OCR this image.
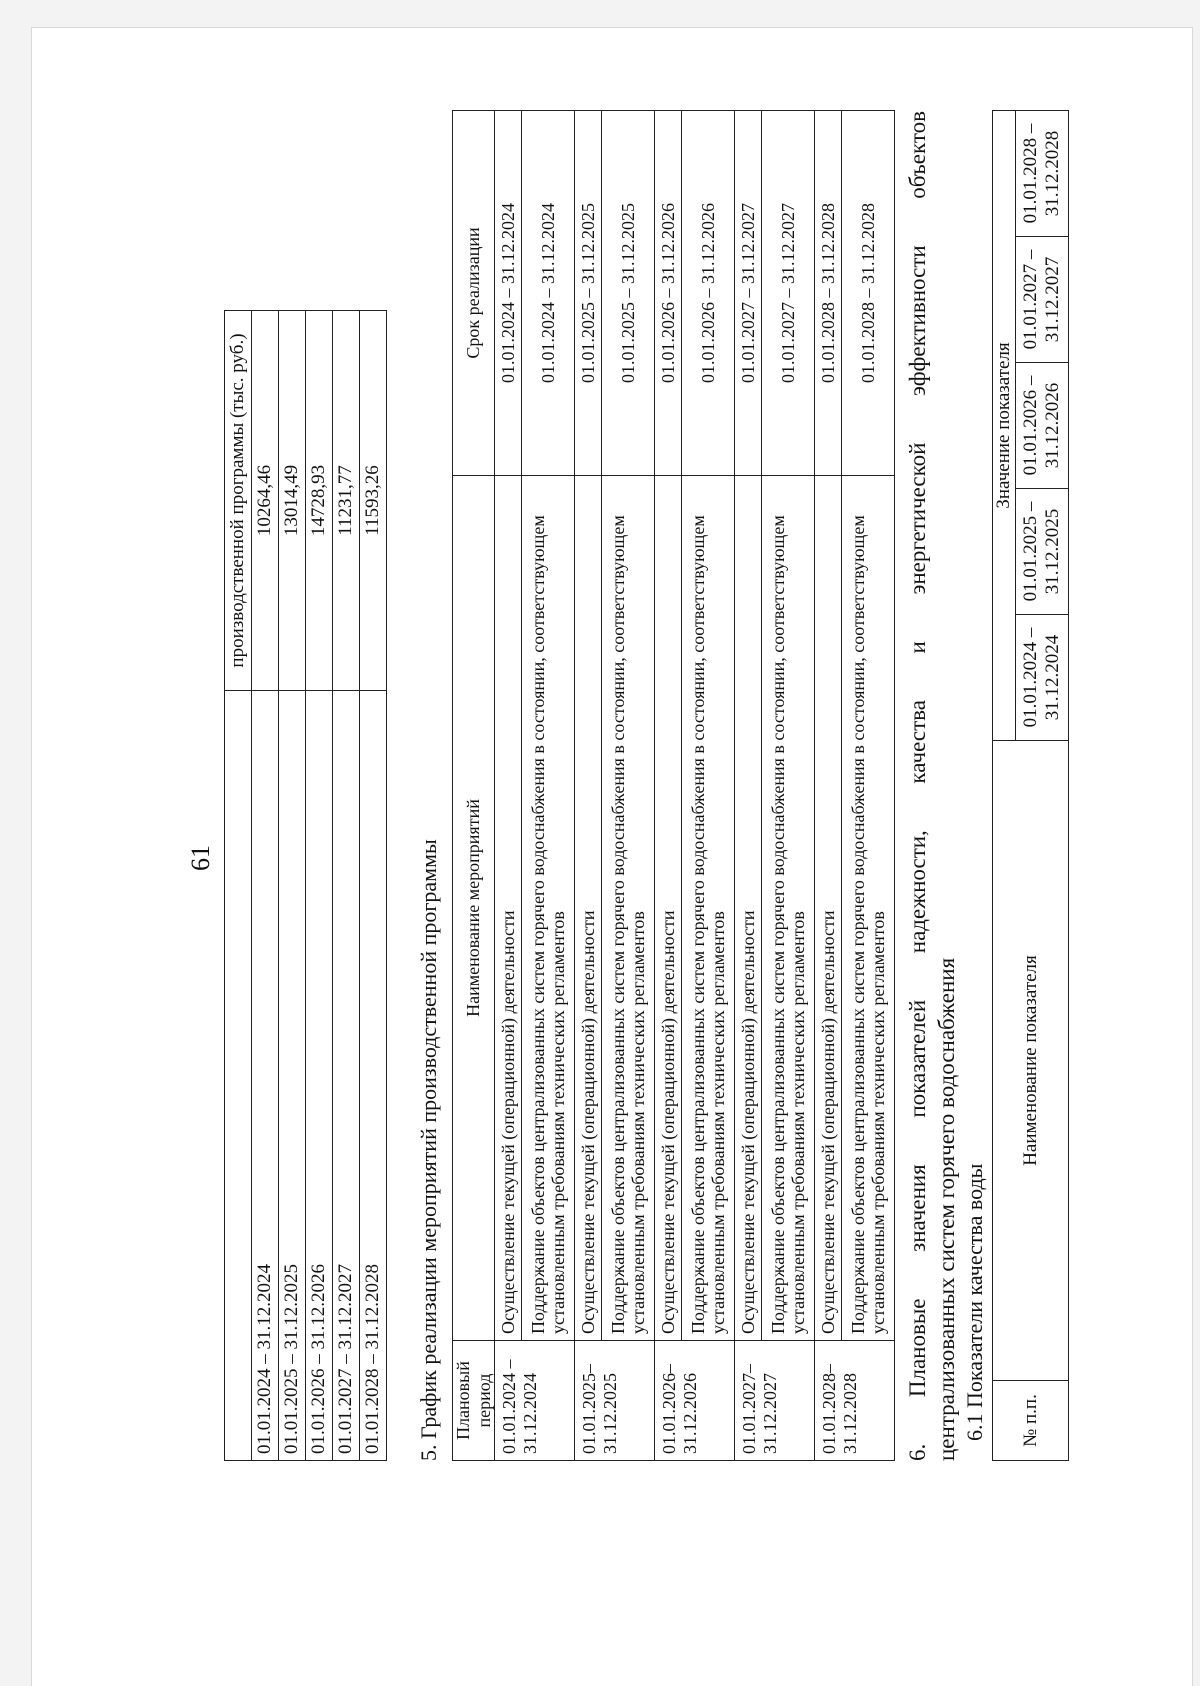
61
	производственной программы (тыс. руб.)
01.01.2024 – 31.12.2024	10264,46
01.01.2025 – 31.12.2025	13014,49
01.01.2026 – 31.12.2026	14728,93
01.01.2027 – 31.12.2027	11231,77
01.01.2028 – 31.12.2028	11593,26
5. График реализации мероприятий производственной программы Плановый период	Наименование мероприятий	Срок реализации
01.01.2024 – 31.12.2024	Осуществление текущей (операционной) деятельности	01.01.2024 – 31.12.2024
	Поддержание объектов централизованных систем горячего водоснабжения в состоянии, соответствующем установленным требованиям технических регламентов	01.01.2024 – 31.12.2024
01.01.2025– 31.12.2025	Осуществление текущей (операционной) деятельности	01.01.2025 – 31.12.2025
	Поддержание объектов централизованных систем горячего водоснабжения в состоянии, соответствующем установленным требованиям технических регламентов	01.01.2025 – 31.12.2025
01.01.2026– 31.12.2026	Осуществление текущей (операционной) деятельности	01.01.2026 – 31.12.2026
	Поддержание объектов централизованных систем горячего водоснабжения в состоянии, соответствующем установленным требованиям технических регламентов	01.01.2026 – 31.12.2026
01.01.2027– 31.12.2027	Осуществление текущей (операционной) деятельности	01.01.2027 – 31.12.2027
	Поддержание объектов централизованных систем горячего водоснабжения в состоянии, соответствующем установленным требованиям технических регламентов	01.01.2027 – 31.12.2027
01.01.2028– 31.12.2028	Осуществление текущей (операционной) деятельности	01.01.2028 – 31.12.2028
	Поддержание объектов централизованных систем горячего водоснабжения в состоянии, соответствующем установленным требованиям технических регламентов	01.01.2028 – 31.12.2028 6. Плановые значения показателей надежности, качества и энергетической эффективности объектов централизованных систем горячего водоснабжения 6.1 Показатели качества воды № п.п.	Наименование показателя	Значение показателя				
		01.01.2024 – 31.12.2024	01.01.2025 – 31.12.2025	01.01.2026 – 31.12.2026	01.01.2027 – 31.12.2027	01.01.2028 – 31.12.2028
